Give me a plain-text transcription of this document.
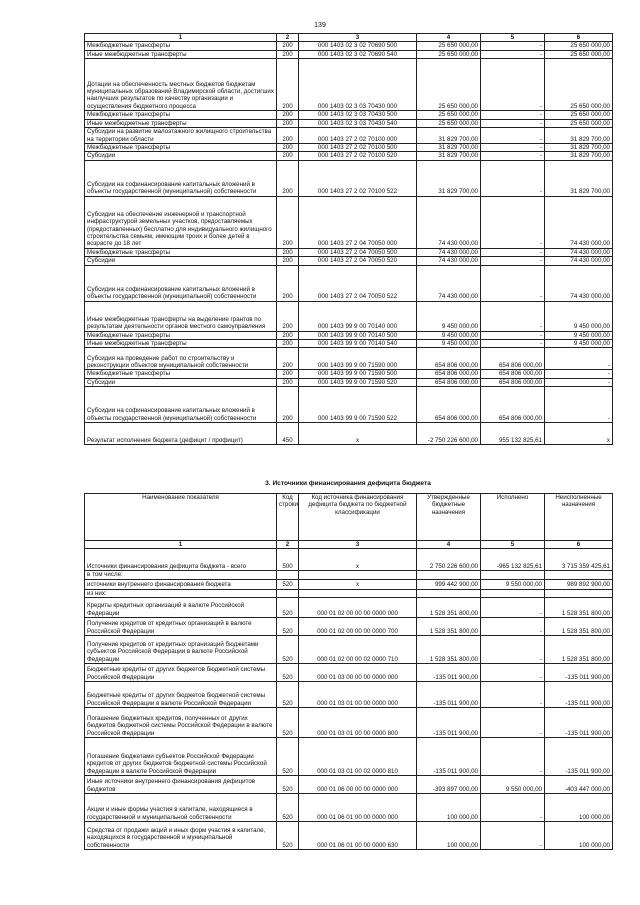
139
1	2	3	4	5	6
Межбюджетные трансферты	200	000 1403 02 3 02 70690 500	25 650 000,00	-	25 650 000,00
Иные межбюджетные трансферты	200	000 1403 02 3 02 70690 540	25 650 000,00	-	25 650 000,00
Дотации на обеспеченность местных бюджетов бюджетам муниципальных образований Владимирской области, достигших наилучших результатов по качеству организации и осуществления бюджетного процесса	200	000 1403 02 3 03 70430 000	25 650 000,00	-	25 650 000,00
Межбюджетные трансферты	200	000 1403 02 3 03 70430 500	25 650 000,00	-	25 650 000,00
Иные межбюджетные трансферты	200	000 1403 02 3 03 70430 540	25 650 000,00	-	25 650 000,00
Субсидии на развитие малоэтажного жилищного строительства на территории области	200	000 1403 27 2 02 70100 000	31 829 700,00	-	31 829 700,00
Межбюджетные трансферты	200	000 1403 27 2 02 70100 500	31 829 700,00	-	31 829 700,00
Субсидии	200	000 1403 27 2 02 70100 520	31 829 700,00	-	31 829 700,00
Субсидии на софинансирование капитальных вложений в объекты государственной (муниципальной) собственности	200	000 1403 27 2 02 70100 522	31 829 700,00	-	31 829 700,00
Субсидии на обеспечение инженерной и транспортной инфраструктурой земельных участков, предоставляемых (предоставленных) бесплатно для индивидуального жилищного строительства семьям, имеющим троих и более детей в возрасте до 18 лет	200	000 1403 27 2 04 70050 000	74 430 000,00	-	74 430 000,00
Межбюджетные трансферты	200	000 1403 27 2 04 70050 500	74 430 000,00	-	74 430 000,00
Субсидии	200	000 1403 27 2 04 70050 520	74 430 000,00	-	74 430 000,00
Субсидии на софинансирование капитальных вложений в объекты государственной (муниципальной) собственности	200	000 1403 27 2 04 70050 522	74 430 000,00	-	74 430 000,00
Иные межбюджетные трансферты на выделение грантов по результатам деятельности органов местного самоуправления	200	000 1403 99 9 00 70140 000	9 450 000,00	-	9 450 000,00
Межбюджетные трансферты	200	000 1403 99 9 00 70140 500	9 450 000,00	-	9 450 000,00
Иные межбюджетные трансферты	200	000 1403 99 9 00 70140 540	9 450 000,00	-	9 450 000,00
Субсидия на проведение работ по строительству и реконструкции объектов муниципальной собственности	200	000 1403 99 9 00 71590 000	654 806 000,00	654 806 000,00	-
Межбюджетные трансферты	200	000 1403 99 9 00 71590 500	654 806 000,00	654 806 000,00	-
Субсидии	200	000 1403 99 9 00 71590 520	654 806 000,00	654 806 000,00	-
Субсидии на софинансирование капитальных вложений в объекты государственной (муниципальной) собственности	200	000 1403 99 9 00 71590 522	654 806 000,00	654 806 000,00	-
Результат исполнения бюджета (дефицит / профицит)	450	x	-2 750 226 600,00	955 132 825,61	x
3. Источники финансирования дефицита бюджета
Наименование показателя	Код строки	Код источника финансирования дефицита бюджета по бюджетной классификации	Утвержденные бюджетные назначения	Исполнено	Неисполненные назначения
1	2	3	4	5	6
Источники финансирования дефицита бюджета - всего	500	x	2 750 226 600,00	-965 132 825,61	3 715 359 425,61
в том числе:					
источники внутреннего финансирования бюджета	520	x	999 442 900,00	9 550 000,00	989 892 900,00
из них:					
Кредиты кредитных организаций в валюте Российской Федерации	520	000 01 02 00 00 00 0000 000	1 528 351 800,00	-	1 528 351 800,00
Получение кредитов от кредитных организаций в валюте Российской Федерации	520	000 01 02 00 00 00 0000 700	1 528 351 800,00	-	1 528 351 800,00
Получение кредитов от кредитных организаций бюджетами субъектов Российской Федерации в валюте Российской Федерации	520	000 01 02 00 00 02 0000 710	1 528 351 800,00	-	1 528 351 800,00
Бюджетные кредиты от других бюджетов бюджетной системы Российской Федерации	520	000 01 03 00 00 00 0000 000	-135 011 900,00	-	-135 011 900,00
Бюджетные кредиты от других бюджетов бюджетной системы Российской Федерации в валюте Российской Федерации	520	000 01 03 01 00 00 0000 000	-135 011 900,00	-	-135 011 900,00
Погашение бюджетных кредитов, полученных от других бюджетов бюджетной системы Российской Федерации в валюте Российской Федерации	520	000 01 03 01 00 00 0000 800	-135 011 900,00	-	-135 011 900,00
Погашение бюджетами субъектов Российской Федерации кредитов от других бюджетов бюджетной системы Российской Федерации в валюте Российской Федерации	520	000 01 03 01 00 02 0000 810	-135 011 900,00	-	-135 011 900,00
Иные источники внутреннего финансирования дефицитов бюджетов	520	000 01 06 00 00 00 0000 000	-393 897 000,00	9 550 000,00	-403 447 000,00
Акции и иные формы участия в капитале, находящиеся в государственной и муниципальной собственности	520	000 01 06 01 00 00 0000 000	100 000,00	-	100 000,00
Средства от продажи акций и иных форм участия в капитале, находящихся в государственной и муниципальной собственности	520	000 01 06 01 00 00 0000 630	100 000,00	-	100 000,00
